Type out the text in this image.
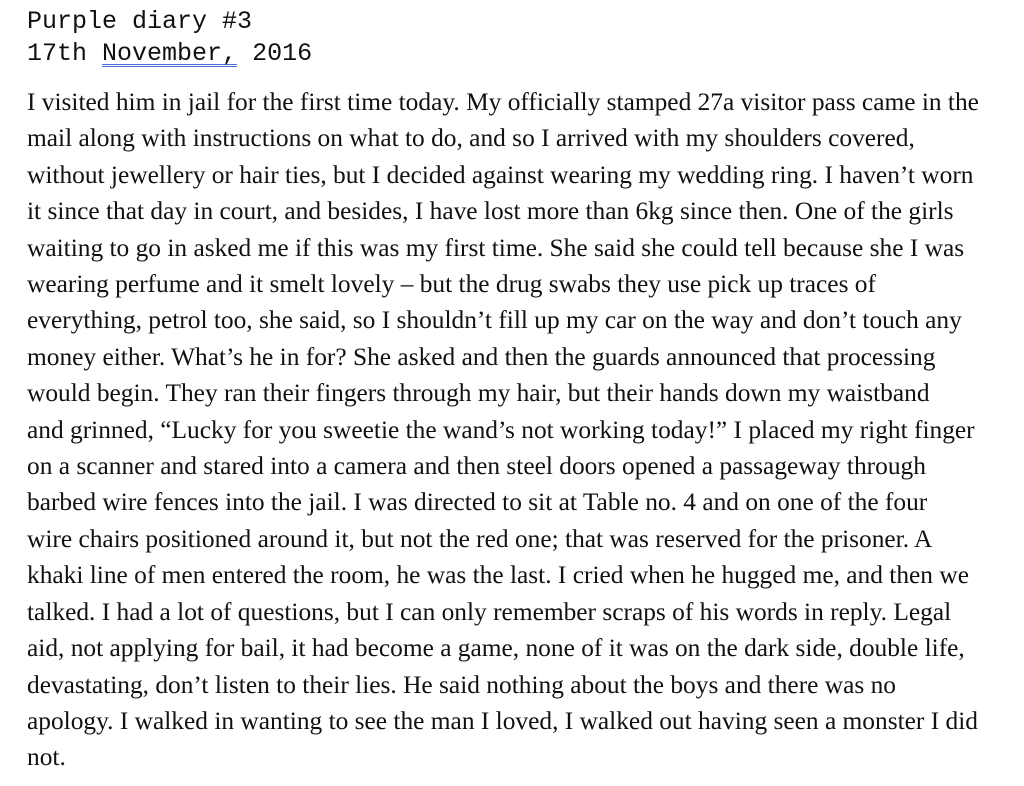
Purple diary #3
17th November, 2016
I visited him in jail for the first time today. My officially stamped 27a visitor pass came in the
mail along with instructions on what to do, and so I arrived with my shoulders covered,
without jewellery or hair ties, but I decided against wearing my wedding ring. I haven’t worn
it since that day in court, and besides, I have lost more than 6kg since then. One of the girls
waiting to go in asked me if this was my first time. She said she could tell because she I was
wearing perfume and it smelt lovely – but the drug swabs they use pick up traces of
everything, petrol too, she said, so I shouldn’t fill up my car on the way and don’t touch any
money either. What’s he in for? She asked and then the guards announced that processing
would begin. They ran their fingers through my hair, but their hands down my waistband
and grinned, “Lucky for you sweetie the wand’s not working today!” I placed my right finger
on a scanner and stared into a camera and then steel doors opened a passageway through
barbed wire fences into the jail. I was directed to sit at Table no. 4 and on one of the four
wire chairs positioned around it, but not the red one; that was reserved for the prisoner. A
khaki line of men entered the room, he was the last. I cried when he hugged me, and then we
talked. I had a lot of questions, but I can only remember scraps of his words in reply. Legal
aid, not applying for bail, it had become a game, none of it was on the dark side, double life,
devastating, don’t listen to their lies. He said nothing about the boys and there was no
apology. I walked in wanting to see the man I loved, I walked out having seen a monster I did
not.
